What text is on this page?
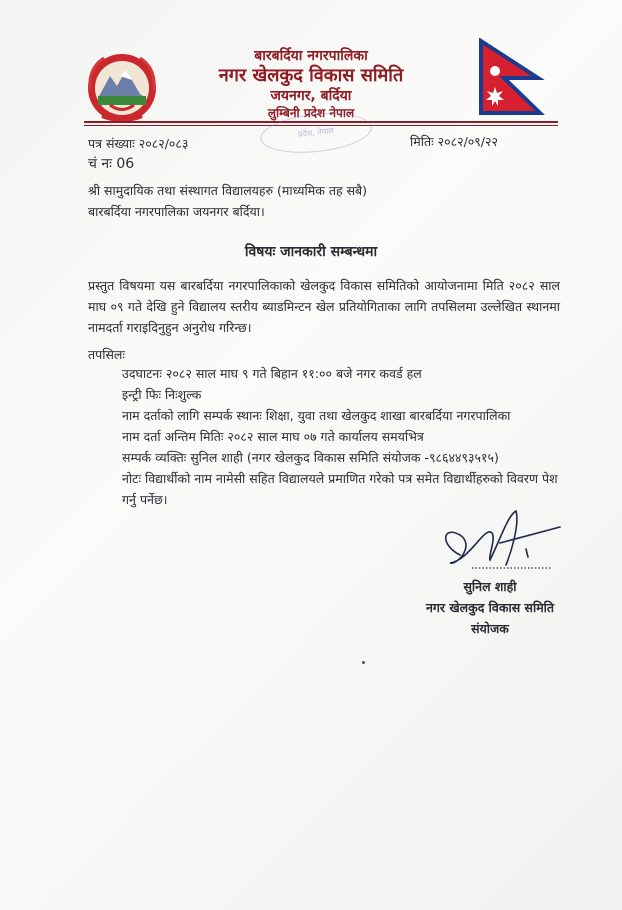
बारबर्दिया नगरपालिका
नगर खेलकुद विकास समिति
जयनगर, बर्दिया
लुम्बिनी प्रदेश नेपाल
प्रदेश, नेपाल
पत्र संख्याः २०८२/०८३
चं नः 06
मितिः २०८२/०९/२२
श्री सामुदायिक तथा संस्थागत विद्यालयहरु (माध्यमिक तह सबै)
बारबर्दिया नगरपालिका जयनगर बर्दिया।
विषयः जानकारी सम्बन्धमा
प्रस्तुत विषयमा यस बारबर्दिया नगरपालिकाको खेलकुद विकास समितिको आयोजनामा मिति २०८२ साल माघ ०९ गते देखि हुने विद्यालय स्तरीय ब्याडमिन्टन खेल प्रतियोगिताका लागि तपसिलमा उल्लेखित स्थानमा नामदर्ता गराइदिनुहुन अनुरोध गरिन्छ।
तपसिलः
उदघाटनः २०८२ साल माघ ९ गते बिहान ११:०० बजे नगर कवर्ड हल
इन्ट्री फिः निःशुल्क
नाम दर्ताको लागि सम्पर्क स्थानः शिक्षा, युवा तथा खेलकुद शाखा बारबर्दिया नगरपालिका
नाम दर्ता अन्तिम मितिः २०८२ साल माघ ०७ गते कार्यालय समयभित्र
सम्पर्क व्यक्तिः सुनिल शाही (नगर खेलकुद विकास समिति संयोजक -९८६४४९३५१५)
नोटः विद्यार्थीको नाम नामेसी सहित विद्यालयले प्रमाणित गरेको पत्र समेत विद्यार्थीहरुको विवरण पेश गर्नु पर्नेछ।
सुनिल शाही
नगर खेलकुद विकास समिति
संयोजक
